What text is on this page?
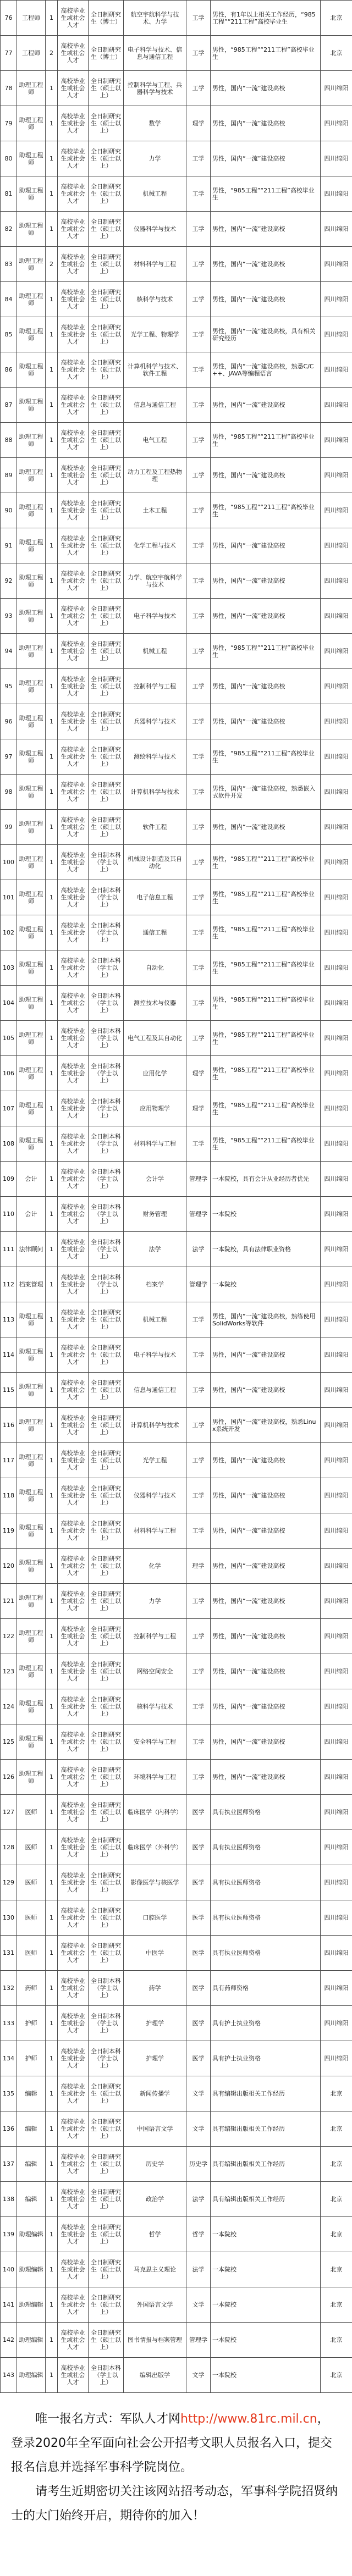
76	工程师	1	高校毕业生或社会人才	全日制研究生（博士）	航空宇航科学与技术、力学	工学	男性，有1年以上相关工作经历，“985工程”“211工程”高校毕业生	北京

77	工程师	2	高校毕业生或社会人才	全日制研究生（博士）	电子科学与技术、信息与通信工程	工学	男性，“985工程”“211工程”高校毕业生	北京

78	助理工程师	1	高校毕业生或社会人才	全日制研究生（硕士以上）	控制科学与工程、兵器科学与技术	工学	男性，国内“一流”建设高校	四川绵阳

79	助理工程师	1	高校毕业生或社会人才	全日制研究生（硕士以上）	数学	理学	男性，国内“一流”建设高校	四川绵阳

80	助理工程师	1	高校毕业生或社会人才	全日制研究生（硕士以上）	力学	工学	男性，国内“一流”建设高校	四川绵阳

81	助理工程师	1	高校毕业生或社会人才	全日制研究生（硕士以上）	机械工程	工学	男性，“985工程”“211工程”高校毕业生	四川绵阳

82	助理工程师	1	高校毕业生或社会人才	全日制研究生（硕士以上）	仪器科学与技术	工学	男性，国内“一流”建设高校	四川绵阳

83	助理工程师	2	高校毕业生或社会人才	全日制研究生（硕士以上）	材料科学与工程	工学	男性，国内“一流”建设高校	四川绵阳

84	助理工程师	1	高校毕业生或社会人才	全日制研究生（硕士以上）	核科学与技术	工学	男性，国内“一流”建设高校	四川绵阳

85	助理工程师	1	高校毕业生或社会人才	全日制研究生（硕士以上）	光学工程、物理学	工学	男性，国内“一流”建设高校，具有相关研究经历	四川绵阳

86	助理工程师	1	高校毕业生或社会人才	全日制研究生（硕士以上）	计算机科学与技术、软件工程	工学	男性，国内“一流”建设高校，熟悉C/C++、JAVA等编程语言	四川绵阳

87	助理工程师	1	高校毕业生或社会人才	全日制研究生（硕士以上）	信息与通信工程	工学	男性，国内“一流”建设高校	四川绵阳

88	助理工程师	1	高校毕业生或社会人才	全日制研究生（硕士以上）	电气工程	工学	男性，“985工程”“211工程”高校毕业生	四川绵阳

89	助理工程师	1	高校毕业生或社会人才	全日制研究生（硕士以上）	动力工程及工程热物理	工学	男性，国内“一流”建设高校	四川绵阳

90	助理工程师	1	高校毕业生或社会人才	全日制研究生（硕士以上）	土木工程	工学	男性，“985工程”“211工程”高校毕业生	四川绵阳

91	助理工程师	1	高校毕业生或社会人才	全日制研究生（硕士以上）	化学工程与技术	工学	男性，国内“一流”建设高校	四川绵阳

92	助理工程师	1	高校毕业生或社会人才	全日制研究生（硕士以上）	力学、航空宇航科学与技术	工学	男性，国内“一流”建设高校	四川绵阳

93	助理工程师	1	高校毕业生或社会人才	全日制研究生（硕士以上）	电子科学与技术	工学	男性，国内“一流”建设高校	四川绵阳

94	助理工程师	1	高校毕业生或社会人才	全日制研究生（硕士以上）	机械工程	工学	男性，“985工程”“211工程”高校毕业生	四川绵阳

95	助理工程师	1	高校毕业生或社会人才	全日制研究生（硕士以上）	控制科学与工程	工学	男性，国内“一流”建设高校	四川绵阳

96	助理工程师	1	高校毕业生或社会人才	全日制研究生（硕士以上）	兵器科学与技术	工学	男性，国内“一流”建设高校	四川绵阳

97	助理工程师	1	高校毕业生或社会人才	全日制研究生（硕士以上）	测绘科学与技术	工学	男性，“985工程”“211工程”高校毕业生	四川绵阳

98	助理工程师	1	高校毕业生或社会人才	全日制研究生（硕士以上）	计算机科学与技术	工学	男性，国内“一流”建设高校，熟悉嵌入式软件开发	四川绵阳

99	助理工程师	1	高校毕业生或社会人才	全日制研究生（硕士以上）	软件工程	工学	男性，国内“一流”建设高校	四川绵阳

100	助理工程师	1	高校毕业生或社会人才	全日制本科（学士以上）	机械设计制造及其自动化	工学	男性，“985工程”“211工程”高校毕业生	四川绵阳

101	助理工程师	1	高校毕业生或社会人才	全日制本科（学士以上）	电子信息工程	工学	男性，“985工程”“211工程”高校毕业生	四川绵阳

102	助理工程师	1	高校毕业生或社会人才	全日制本科（学士以上）	通信工程	工学	男性，“985工程”“211工程”高校毕业生	四川绵阳

103	助理工程师	1	高校毕业生或社会人才	全日制本科（学士以上）	自动化	工学	男性，“985工程”“211工程”高校毕业生	四川绵阳

104	助理工程师	1	高校毕业生或社会人才	全日制本科（学士以上）	测控技术与仪器	工学	男性，“985工程”“211工程”高校毕业生	四川绵阳

105	助理工程师	1	高校毕业生或社会人才	全日制本科（学士以上）	电气工程及其自动化	工学	男性，“985工程”“211工程”高校毕业生	四川绵阳

106	助理工程师	1	高校毕业生或社会人才	全日制本科（学士以上）	应用化学	理学	男性，“985工程”“211工程”高校毕业生	四川绵阳

107	助理工程师	1	高校毕业生或社会人才	全日制本科（学士以上）	应用物理学	理学	男性，“985工程”“211工程”高校毕业生	四川绵阳

108	助理工程师	1	高校毕业生或社会人才	全日制本科（学士以上）	材料科学与工程	工学	男性，“985工程”“211工程”高校毕业生	四川绵阳

109	会计	1	高校毕业生或社会人才	全日制本科（学士以上）	会计学	管理学	一本院校，具有会计从业经历者优先	四川绵阳

110	会计	1	高校毕业生或社会人才	全日制本科（学士以上）	财务管理	管理学	一本院校	四川绵阳

111	法律顾问	1	高校毕业生或社会人才	全日制本科（学士以上）	法学	法学	一本院校，具有法律职业资格	四川绵阳

112	档案管理	1	高校毕业生或社会人才	全日制本科（学士以上）	档案学	管理学	一本院校	四川绵阳

113	助理工程师	1	高校毕业生或社会人才	全日制研究生（硕士以上）	机械工程	工学	男性，国内“一流”建设高校，熟练使用SolidWorks等软件	四川绵阳

114	助理工程师	1	高校毕业生或社会人才	全日制研究生（硕士以上）	电子科学与技术	工学	男性，国内“一流”建设高校	四川绵阳

115	助理工程师	1	高校毕业生或社会人才	全日制研究生（硕士以上）	信息与通信工程	工学	男性，国内“一流”建设高校	四川绵阳

116	助理工程师	1	高校毕业生或社会人才	全日制研究生（硕士以上）	计算机科学与技术	工学	男性，国内“一流”建设高校，熟悉Linux系统开发	四川绵阳

117	助理工程师	1	高校毕业生或社会人才	全日制研究生（硕士以上）	光学工程	工学	男性，国内“一流”建设高校	四川绵阳

118	助理工程师	1	高校毕业生或社会人才	全日制研究生（硕士以上）	仪器科学与技术	工学	男性，国内“一流”建设高校	四川绵阳

119	助理工程师	1	高校毕业生或社会人才	全日制研究生（硕士以上）	材料科学与工程	工学	男性，国内“一流”建设高校	四川绵阳

120	助理工程师	1	高校毕业生或社会人才	全日制研究生（硕士以上）	化学	理学	男性，国内“一流”建设高校	四川绵阳

121	助理工程师	1	高校毕业生或社会人才	全日制研究生（硕士以上）	力学	工学	男性，国内“一流”建设高校	四川绵阳

122	助理工程师	1	高校毕业生或社会人才	全日制研究生（硕士以上）	控制科学与工程	工学	男性，国内“一流”建设高校	四川绵阳

123	助理工程师	1	高校毕业生或社会人才	全日制研究生（硕士以上）	网络空间安全	工学	男性，国内“一流”建设高校	四川绵阳

124	助理工程师	1	高校毕业生或社会人才	全日制研究生（硕士以上）	核科学与技术	工学	男性，国内“一流”建设高校	四川绵阳

125	助理工程师	1	高校毕业生或社会人才	全日制研究生（硕士以上）	安全科学与工程	工学	男性，国内“一流”建设高校	四川绵阳

126	助理工程师	1	高校毕业生或社会人才	全日制研究生（硕士以上）	环境科学与工程	工学	男性，国内“一流”建设高校	四川绵阳

127	医师	1	高校毕业生或社会人才	全日制研究生（硕士以上）	临床医学（内科学）	医学	具有执业医师资格	四川绵阳

128	医师	1	高校毕业生或社会人才	全日制研究生（硕士以上）	临床医学（外科学）	医学	具有执业医师资格	四川绵阳

129	医师	1	高校毕业生或社会人才	全日制研究生（硕士以上）	影像医学与核医学	医学	具有执业医师资格	四川绵阳

130	医师	1	高校毕业生或社会人才	全日制研究生（硕士以上）	口腔医学	医学	具有执业医师资格	四川绵阳

131	医师	1	高校毕业生或社会人才	全日制研究生（硕士以上）	中医学	医学	具有执业医师资格	四川绵阳

132	药师	1	高校毕业生或社会人才	全日制本科（学士以上）	药学	医学	具有药师资格	四川绵阳

133	护师	1	高校毕业生或社会人才	全日制本科（学士以上）	护理学	医学	具有护士执业资格	四川绵阳

134	护师	1	高校毕业生或社会人才	全日制本科（学士以上）	护理学	医学	具有护士执业资格	四川绵阳

135	编辑	1	高校毕业生或社会人才	全日制研究生（硕士以上）	新闻传播学	文学	具有编辑出版相关工作经历	北京

136	编辑	1	高校毕业生或社会人才	全日制研究生（硕士以上）	中国语言文学	文学	具有编辑出版相关工作经历	北京

137	编辑	1	高校毕业生或社会人才	全日制研究生（硕士以上）	历史学	历史学	具有编辑出版相关工作经历	北京

138	编辑	1	高校毕业生或社会人才	全日制研究生（硕士以上）	政治学	法学	具有编辑出版相关工作经历	北京

139	助理编辑	1	高校毕业生或社会人才	全日制研究生（硕士以上）	哲学	哲学	一本院校	北京

140	助理编辑	1	高校毕业生或社会人才	全日制研究生（硕士以上）	马克思主义理论	法学	一本院校	北京

141	助理编辑	1	高校毕业生或社会人才	全日制研究生（硕士以上）	外国语言文学	文学	一本院校	北京

142	助理编辑	1	高校毕业生或社会人才	全日制研究生（硕士以上）	图书情报与档案管理	管理学	一本院校	北京

143	助理编辑	1	高校毕业生或社会人才	全日制本科（学士以上）	编辑出版学	文学	一本院校	北京

唯一报名方式：军队人才网http://www.81rc.mil.cn，登录2020年全军面向社会公开招考文职人员报名入口，提交报名信息并选择军事科学院岗位。

请考生近期密切关注该网站招考动态，军事科学院招贤纳士的大门始终开启，期待你的加入！
